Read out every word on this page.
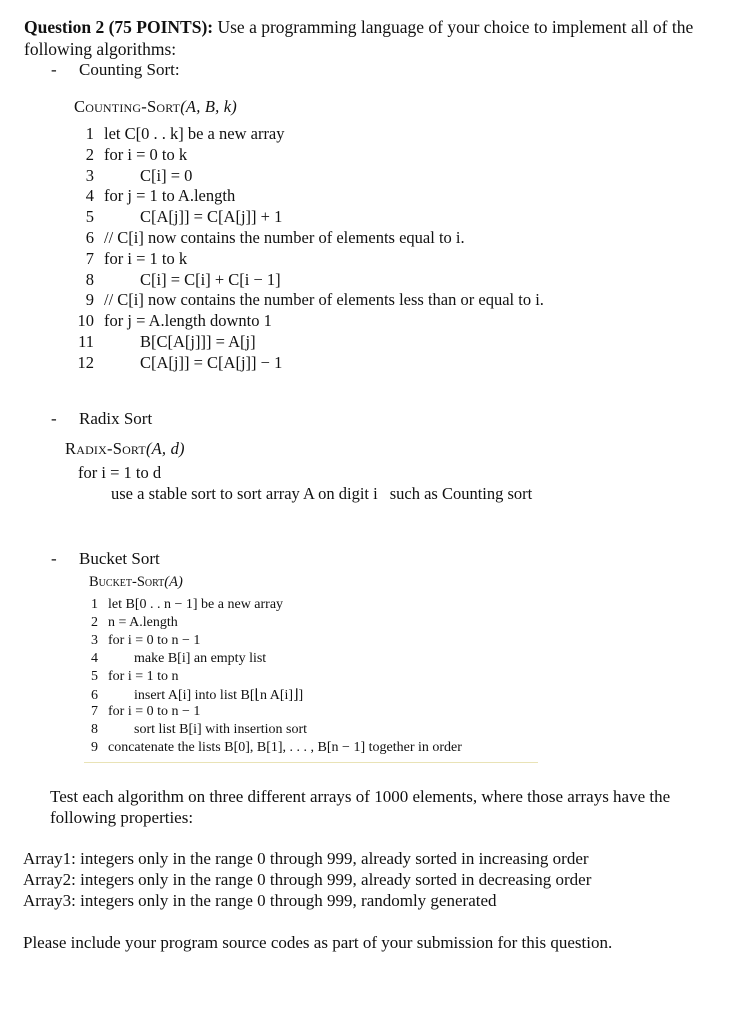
Question 2 (75 POINTS): Use a programming language of your choice to implement all of the following algorithms:
- Counting Sort:
Counting-Sort(A, B, k)
1 let C[0 . . k] be a new array
2 for i = 0 to k
3	C[i] = 0
4 for j = 1 to A.length
5	C[A[j]] = C[A[j]] + 1
6 // C[i] now contains the number of elements equal to i.
7 for i = 1 to k
8	C[i] = C[i] + C[i − 1]
9 // C[i] now contains the number of elements less than or equal to i.
10 for j = A.length downto 1
11	B[C[A[j]]] = A[j]
12	C[A[j]] = C[A[j]] − 1
- Radix Sort
Radix-Sort(A, d)
for i = 1 to d
use a stable sort to sort array A on digit i such as Counting sort
- Bucket Sort
Bucket-Sort(A)
1 let B[0 . . n − 1] be a new array
2 n = A.length
3 for i = 0 to n − 1
4	make B[i] an empty list
5 for i = 1 to n
6	insert A[i] into list B[⌊n A[i]⌋]
7 for i = 0 to n − 1
8	sort list B[i] with insertion sort
9 concatenate the lists B[0], B[1], . . . , B[n − 1] together in order
Test each algorithm on three different arrays of 1000 elements, where those arrays have the following properties:
Array1: integers only in the range 0 through 999, already sorted in increasing order
Array2: integers only in the range 0 through 999, already sorted in decreasing order
Array3: integers only in the range 0 through 999, randomly generated
Please include your program source codes as part of your submission for this question.
